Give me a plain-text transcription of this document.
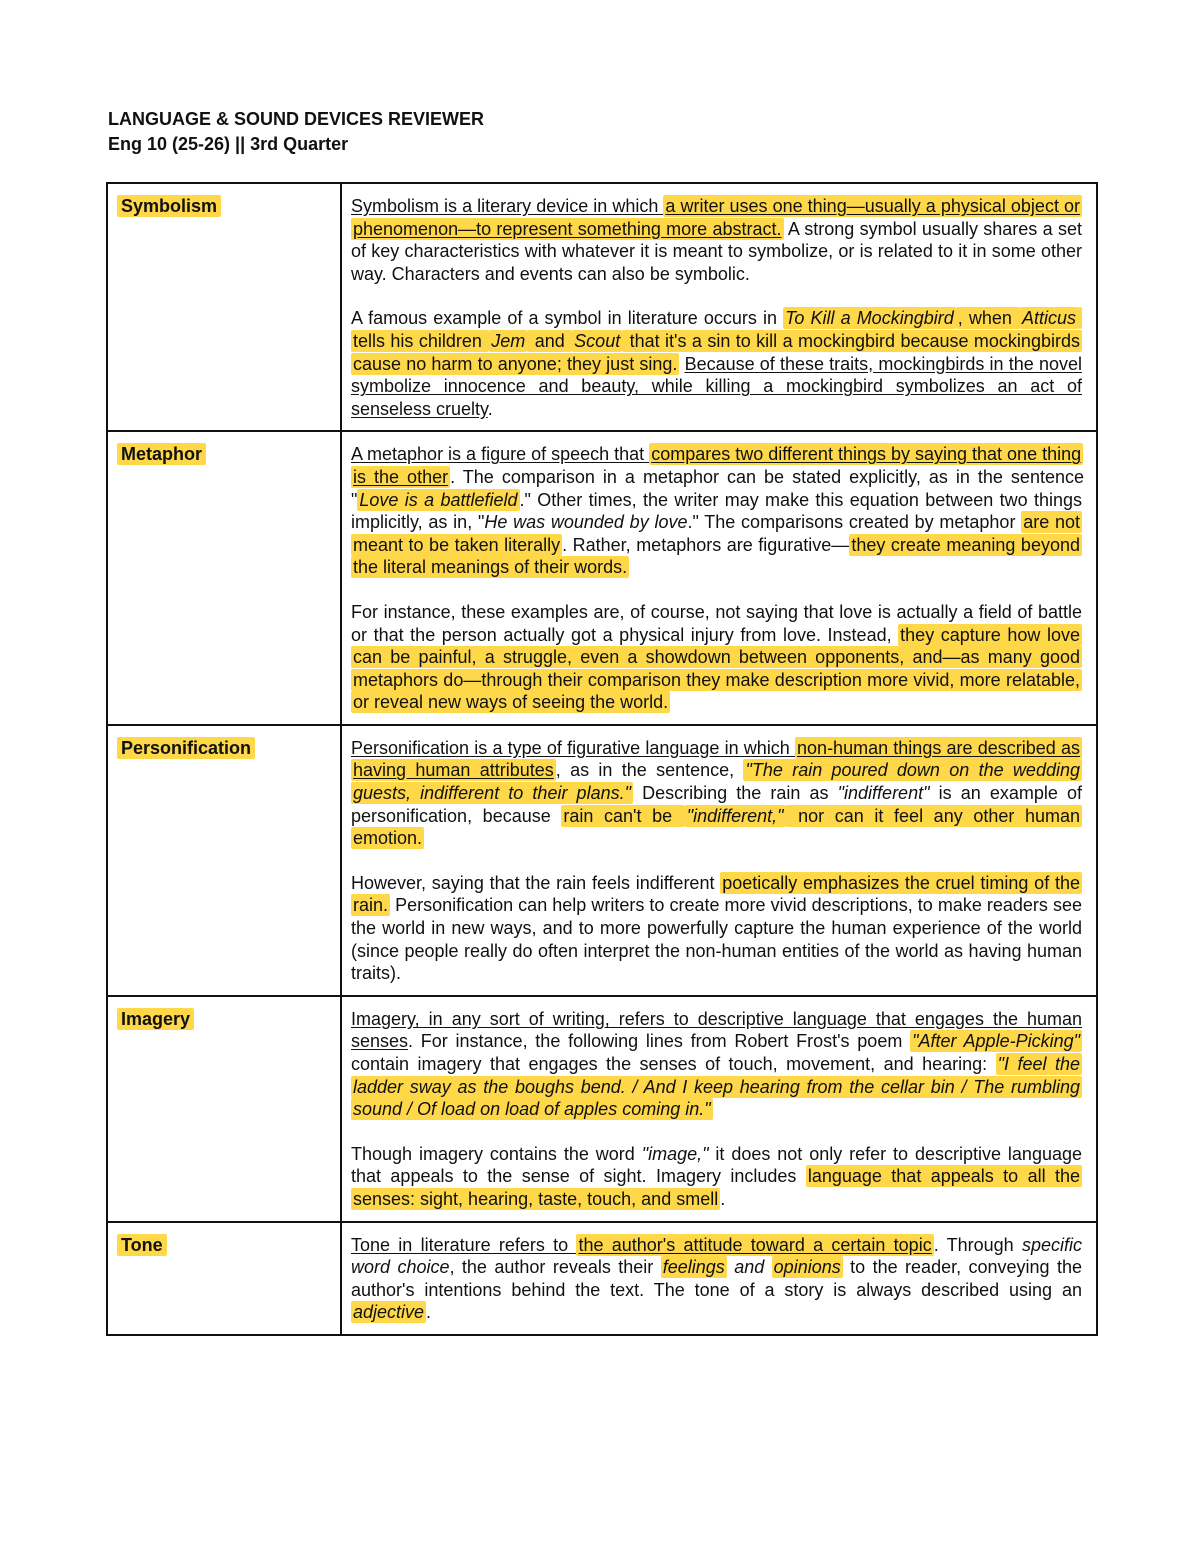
LANGUAGE & SOUND DEVICES REVIEWER
Eng 10 (25-26) || 3rd Quarter
Symbolism	Symbolism is a literary device in which a writer uses one thing—usually a physical object or phenomenon—to represent something more abstract. A strong symbol usually shares a set of key characteristics with whatever it is meant to symbolize, or is related to it in some other way. Characters and events can also be symbolic.

A famous example of a symbol in literature occurs in To Kill a Mockingbird , when Atticus tells his children Jem and Scout that it's a sin to kill a mockingbird because mockingbirds cause no harm to anyone; they just sing. Because of these traits, mockingbirds in the novel symbolize innocence and beauty, while killing a mockingbird symbolizes an act of senseless cruelty.

Metaphor	A metaphor is a figure of speech that compares two different things by saying that one thing is the other . The comparison in a metaphor can be stated explicitly, as in the sentence " Love is a battlefield ." Other times, the writer may make this equation between two things implicitly, as in, "He was wounded by love." The comparisons created by metaphor are not meant to be taken literally . Rather, metaphors are figurative— they create meaning beyond the literal meanings of their words.

For instance, these examples are, of course, not saying that love is actually a field of battle or that the person actually got a physical injury from love. Instead, they capture how love can be painful, a struggle, even a showdown between opponents, and—as many good metaphors do—through their comparison they make description more vivid, more relatable, or reveal new ways of seeing the world.

Personification	Personification is a type of figurative language in which non-human things are described as having human attributes , as in the sentence, "The rain poured down on the wedding guests, indifferent to their plans." Describing the rain as "indifferent" is an example of personification, because rain can't be "indifferent," nor can it feel any other human emotion.

However, saying that the rain feels indifferent poetically emphasizes the cruel timing of the rain. Personification can help writers to create more vivid descriptions, to make readers see the world in new ways, and to more powerfully capture the human experience of the world (since people really do often interpret the non-human entities of the world as having human traits).

Imagery	Imagery, in any sort of writing, refers to descriptive language that engages the human senses. For instance, the following lines from Robert Frost's poem "After Apple-Picking" contain imagery that engages the senses of touch, movement, and hearing: "I feel the ladder sway as the boughs bend. / And I keep hearing from the cellar bin / The rumbling sound / Of load on load of apples coming in."

Though imagery contains the word "image," it does not only refer to descriptive language that appeals to the sense of sight. Imagery includes language that appeals to all the senses: sight, hearing, taste, touch, and smell .

Tone	Tone in literature refers to the author's attitude toward a certain topic . Through specific word choice, the author reveals their feelings and opinions to the reader, conveying the author's intentions behind the text. The tone of a story is always described using an adjective .
